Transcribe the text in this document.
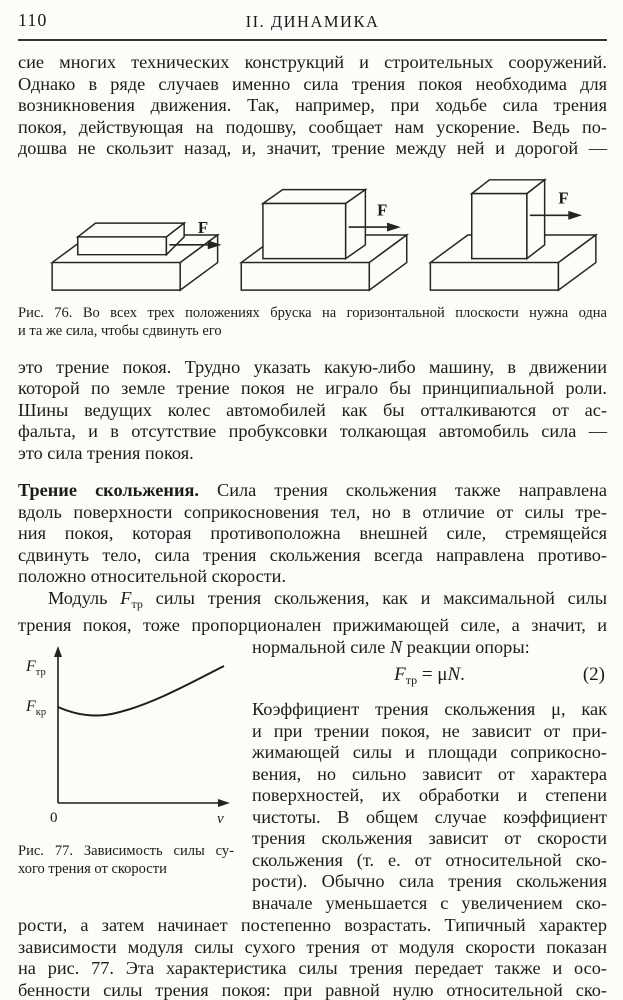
110	II. ДИНАМИКА
сие многих технических конструкций и строительных сооружений.
Однако в ряде случаев именно сила трения покоя необходима для
возникновения движения. Так, например, при ходьбе сила трения
покоя, действующая на подошву, сообщает нам ускорение. Ведь по-
дошва не скользит назад, и, значит, трение между ней и дорогой —
F
F
F
Рис. 76. Во всех трех положениях бруска на горизонтальной плоскости нужна одна
и та же сила, чтобы сдвинуть его
это трение покоя. Трудно указать какую-либо машину, в движении
которой по земле трение покоя не играло бы принципиальной роли.
Шины ведущих колес автомобилей как бы отталкиваются от ас-
фальта, и в отсутствие пробуксовки толкающая автомобиль сила —
это сила трения покоя.
Трение скольжения. Сила трения скольжения также направлена
вдоль поверхности соприкосновения тел, но в отличие от силы тре-
ния покоя, которая противоположна внешней силе, стремящейся
сдвинуть тело, сила трения скольжения всегда направлена противо-
положно относительной скорости.
Модуль $F_{тр}$ силы трения скольжения, как и максимальной силы
трения покоя, тоже пропорционален прижимающей силе, а значит, и
$F_{тр}$
$F_{кр}$
0	v
Рис. 77. Зависимость силы су-
хого трения от скорости
нормальной силе N реакции опоры:
$F_{тр} = \mu N$.	(2)
Коэффициент трения скольжения μ, как
и при трении покоя, не зависит от при-
жимающей силы и площади соприкосно-
вения, но сильно зависит от характера
поверхностей, их обработки и степени
чистоты. В общем случае коэффициент
трения скольжения зависит от скорости
скольжения (т. е. от относительной ско-
рости). Обычно сила трения скольжения
вначале уменьшается с увеличением ско-
рости, а затем начинает постепенно возрастать. Типичный характер
зависимости модуля силы сухого трения от модуля скорости показан
на рис. 77. Эта характеристика силы трения передает также и осо-
бенности силы трения покоя: при равной нулю относительной ско-
